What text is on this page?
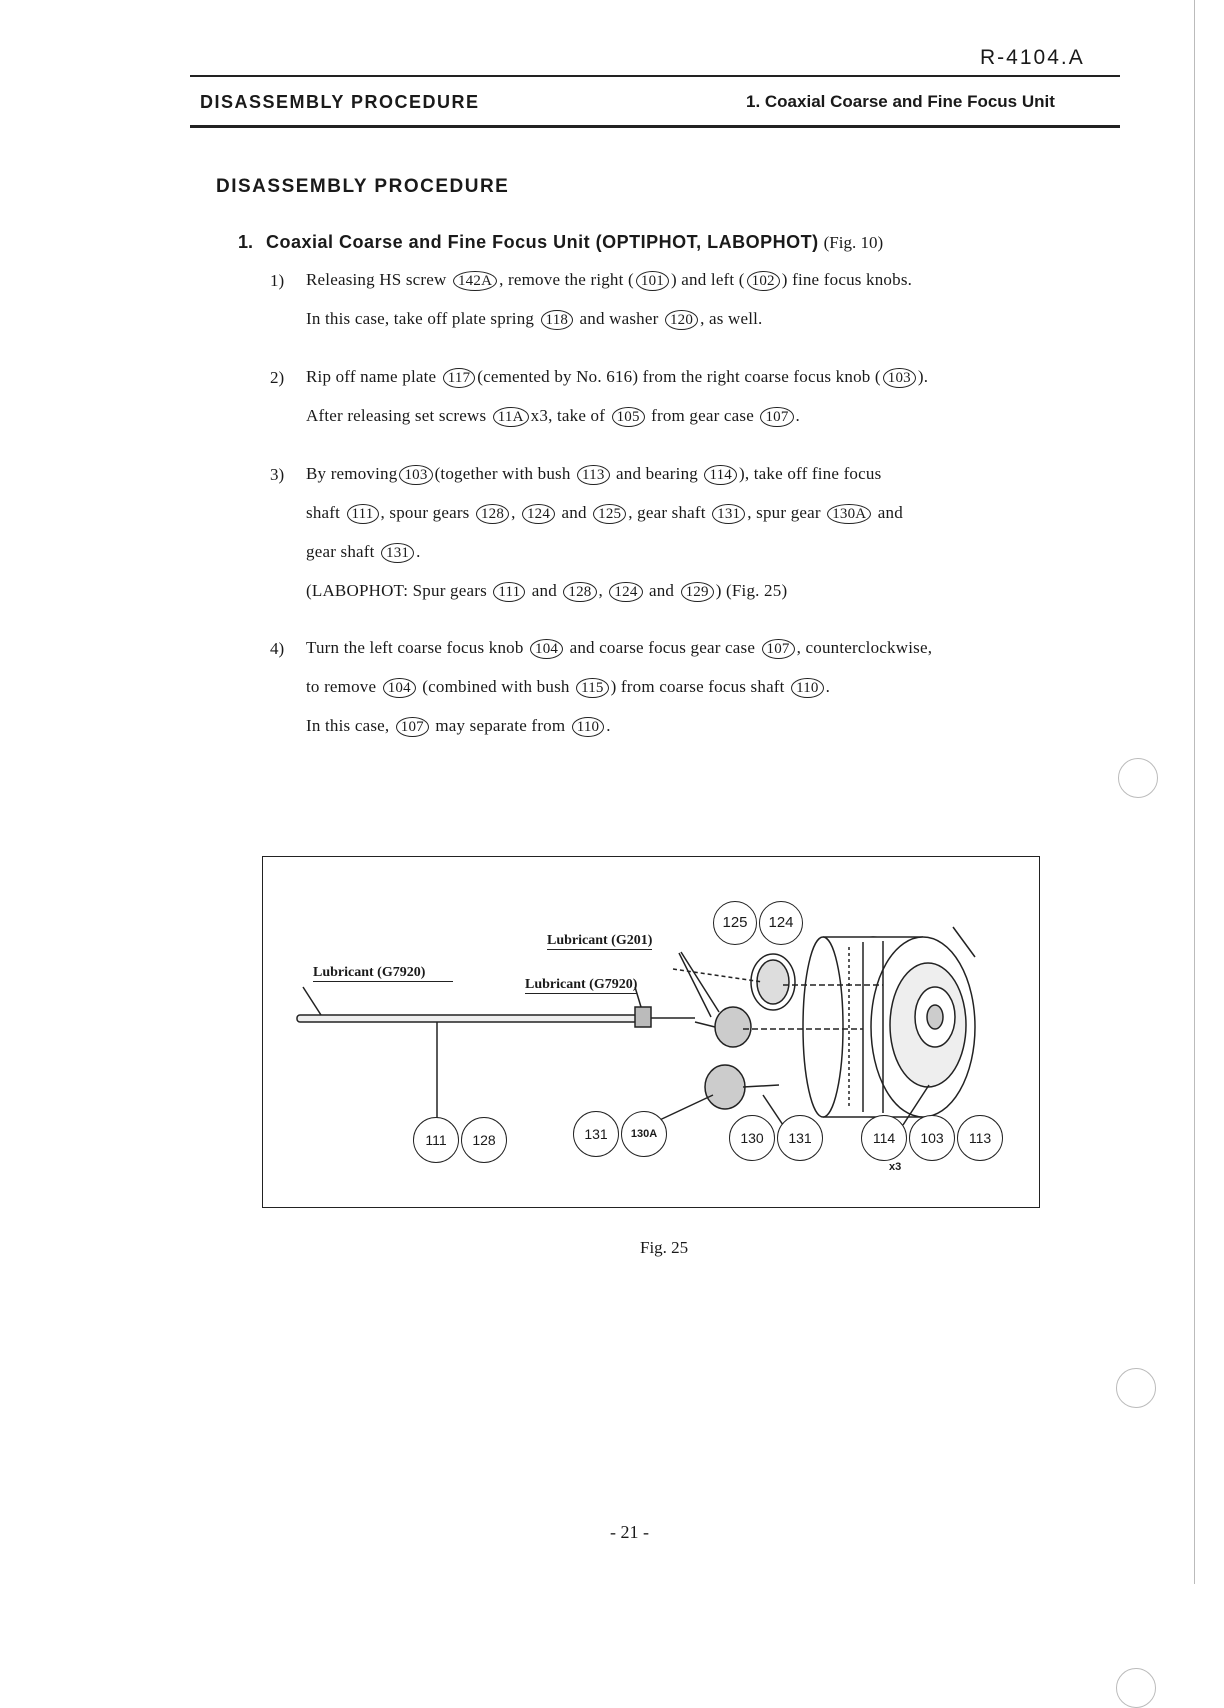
R-4104.A
DISASSEMBLY PROCEDURE	1. Coaxial Coarse and Fine Focus Unit
DISASSEMBLY PROCEDURE
1. Coaxial Coarse and Fine Focus Unit (OPTIPHOT, LABOPHOT) (Fig. 10)
1) Releasing HS screw 142A , remove the right ( 101 ) and left ( 102 ) fine focus knobs.
In this case, take off plate spring 118 and washer 120 , as well.
2) Rip off name plate 117 (cemented by No. 616) from the right coarse focus knob ( 103 ).
After releasing set screws 11A x3, take of 105 from gear case 107 .
3) By removing 103 (together with bush 113 and bearing 114 ), take off fine focus
shaft 111 , spour gears 128 , 124 and 125 , gear shaft 131 , spur gear 130A and
gear shaft 131 .
(LABOPHOT: Spur gears 111 and 128 , 124 and 129 ) (Fig. 25)
4) Turn the left coarse focus knob 104 and coarse focus gear case 107 , counterclockwise,
to remove 104 (combined with bush 115 ) from coarse focus shaft 110 .
In this case, 107 may separate from 110 .
Lubricant (G201)
Lubricant (G7920)
Lubricant (G7920)
125	124
111	128	131	130A	130	131	114	103	113
x3
Fig. 25
- 21 -
